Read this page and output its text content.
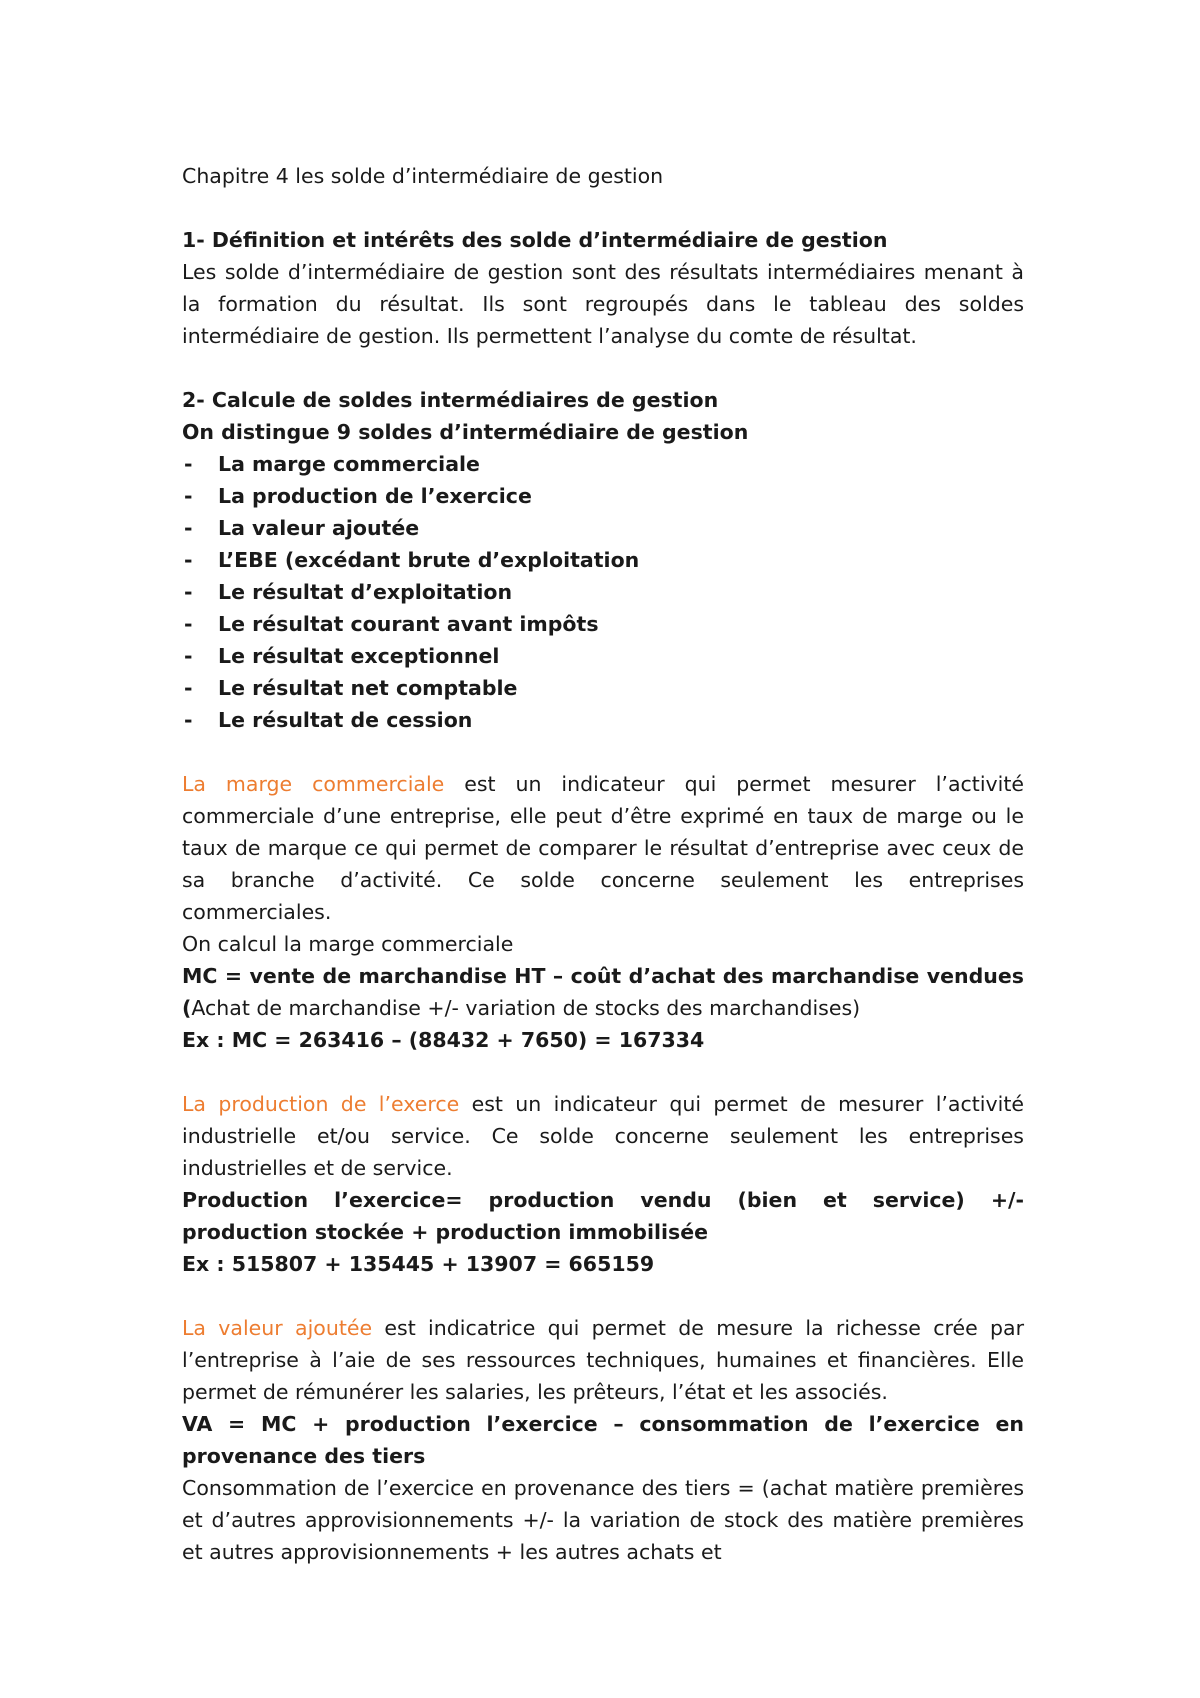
Chapitre 4 les solde d’intermédiaire de gestion

1- Définition et intérêts des solde d’intermédiaire de gestion

Les solde d’intermédiaire de gestion sont des résultats intermédiaires menant à la formation du résultat. Ils sont regroupés dans le tableau des soldes intermédiaire de gestion. Ils permettent l’analyse du comte de résultat.

2- Calcule de soldes intermédiaires de gestion

On distingue 9 soldes d’intermédiaire de gestion

- La marge commerciale
- La production de l’exercice
- La valeur ajoutée
- L’EBE (excédant brute d’exploitation
- Le résultat d’exploitation
- Le résultat courant avant impôts
- Le résultat exceptionnel
- Le résultat net comptable
- Le résultat de cession

La marge commerciale est un indicateur qui permet mesurer l’activité commerciale d’une entreprise, elle peut d’être exprimé en taux de marge ou le taux de marque ce qui permet de comparer le résultat d’entreprise avec ceux de sa branche d’activité. Ce solde concerne seulement les entreprises commerciales.

On calcul la marge commerciale

MC = vente de marchandise HT – coût d’achat des marchandise vendues (Achat de marchandise +/- variation de stocks des marchandises)

Ex : MC = 263416 – (88432 + 7650) = 167334

La production de l’exerce est un indicateur qui permet de mesurer l’activité industrielle et/ou service. Ce solde concerne seulement les entreprises industrielles et de service.

Production l’exercice= production vendu (bien et service) +/- production stockée + production immobilisée

Ex : 515807 + 135445 + 13907 = 665159

La valeur ajoutée est indicatrice qui permet de mesure la richesse crée par l’entreprise à l’aie de ses ressources techniques, humaines et financières. Elle permet de rémunérer les salaries, les prêteurs, l’état et les associés.

VA = MC + production l’exercice – consommation de l’exercice en provenance des tiers

Consommation de l’exercice en provenance des tiers = (achat matière premières et d’autres approvisionnements +/- la variation de stock des matière premières et autres approvisionnements + les autres achats et
